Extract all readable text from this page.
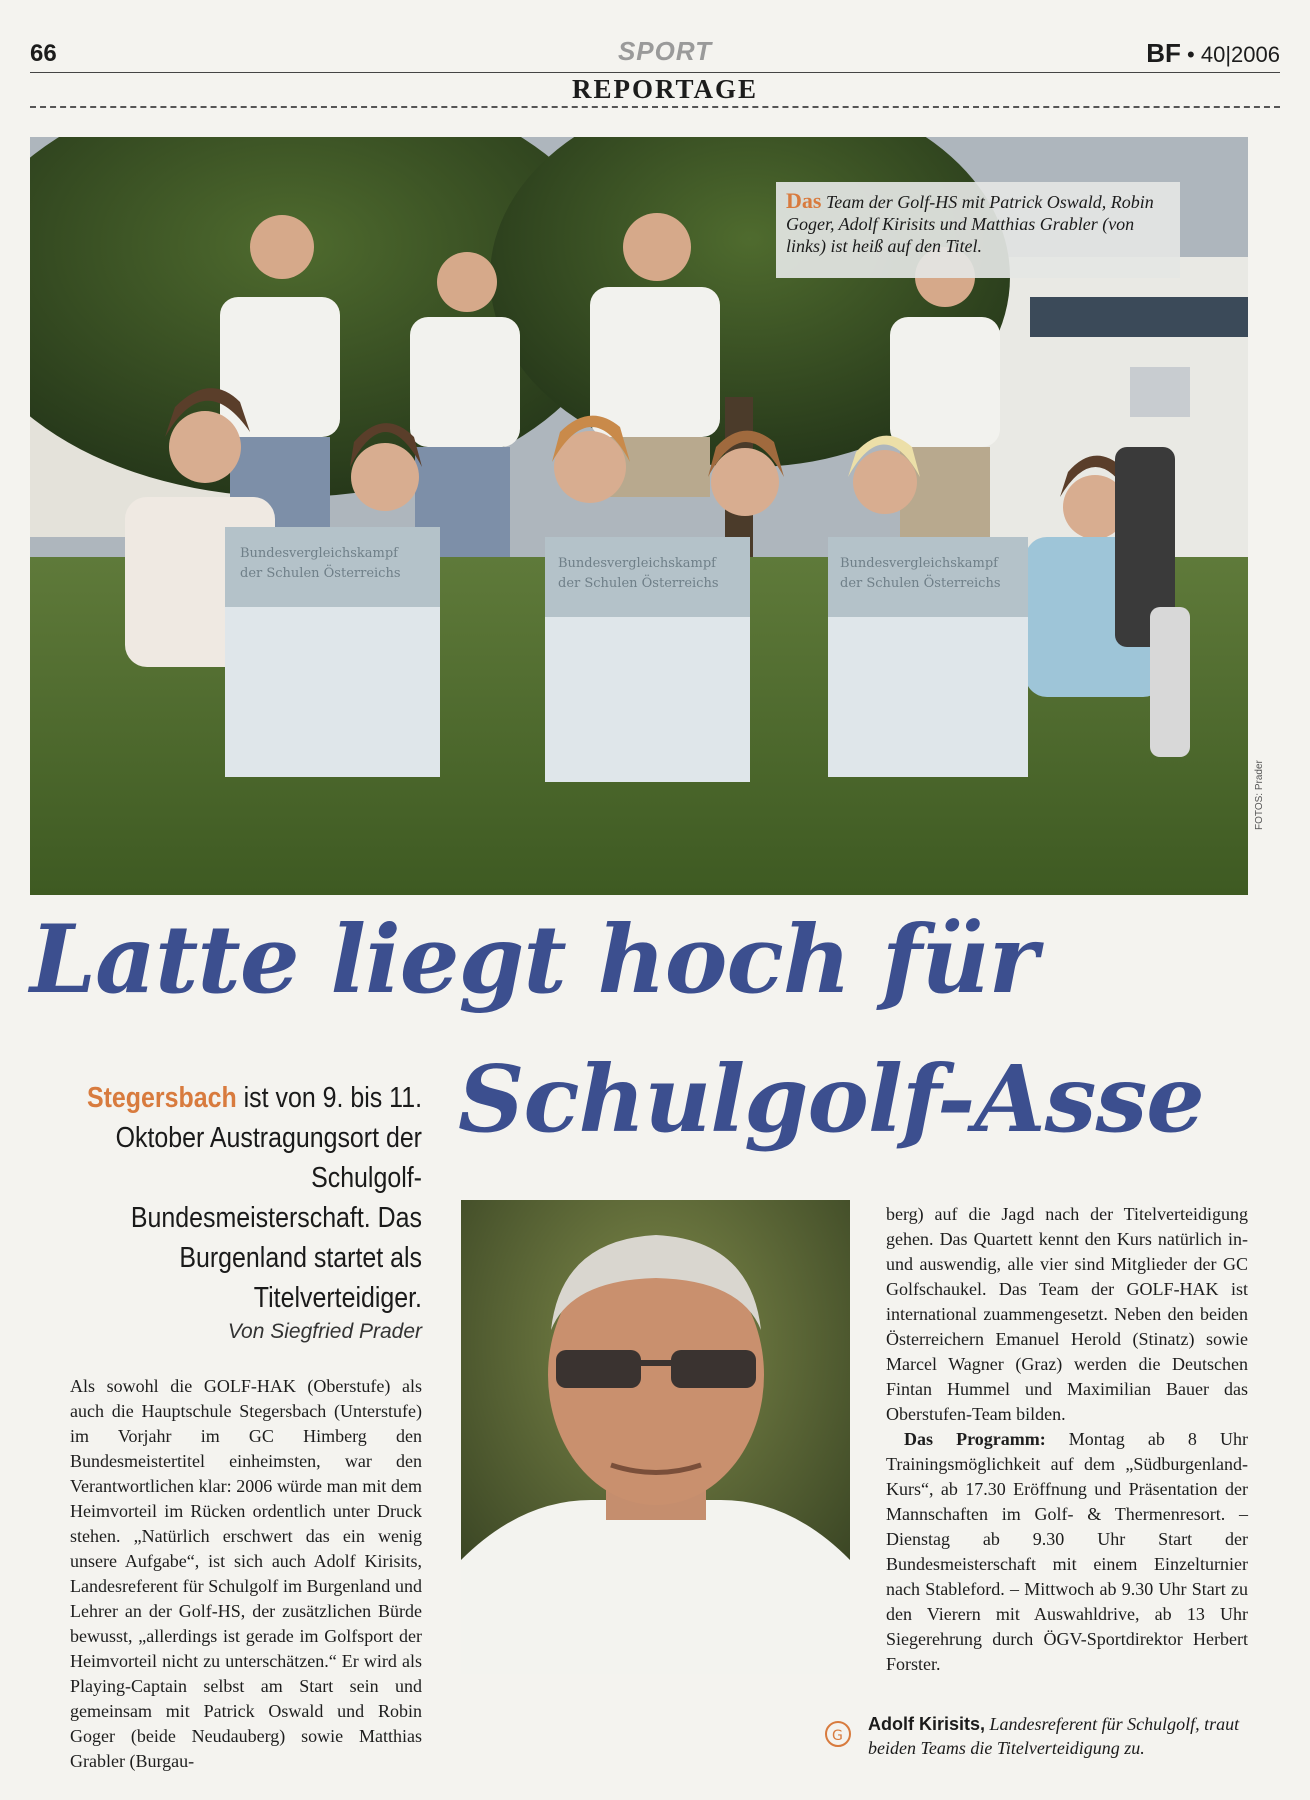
66	SPORT	BF • 40|2006
REPORTAGE
Bundesvergleichskampf
der Schulen Österreichs
Bundesvergleichskampf
der Schulen Österreichs
Bundesvergleichskampf
der Schulen Österreichs
Das Team der Golf-HS mit Patrick Oswald, Robin Goger, Adolf Kirisits und Matthias Grabler (von links) ist heiß auf den Titel.
FOTOS: Prader
Latte liegt hoch für
Schulgolf-Asse
Stegersbach ist von 9. bis 11. Oktober Austragungsort der Schulgolf-Bundesmeisterschaft. Das Burgenland startet als Titelverteidiger.
Von Siegfried Prader
Als sowohl die GOLF-HAK (Oberstufe) als auch die Hauptschule Stegersbach (Unterstufe) im Vorjahr im GC Himberg den Bundesmeistertitel einheimsten, war den Verantwortlichen klar: 2006 würde man mit dem Heimvorteil im Rücken ordentlich unter Druck stehen. „Natürlich erschwert das ein wenig unsere Aufgabe“, ist sich auch Adolf Kirisits, Landesreferent für Schulgolf im Burgenland und Lehrer an der Golf-HS, der zusätzlichen Bürde bewusst, „allerdings ist gerade im Golfsport der Heimvorteil nicht zu unterschätzen.“ Er wird als Playing-Captain selbst am Start sein und gemeinsam mit Patrick Oswald und Robin Goger (beide Neudauberg) sowie Matthias Grabler (Burgau-

berg) auf die Jagd nach der Titelverteidigung gehen. Das Quartett kennt den Kurs natürlich in- und auswendig, alle vier sind Mitglieder der GC Golfschaukel. Das Team der GOLF-HAK ist international zuammengesetzt. Neben den beiden Österreichern Emanuel Herold (Stinatz) sowie Marcel Wagner (Graz) werden die Deutschen Fintan Hummel und Maximilian Bauer das Oberstufen-Team bilden.

 Das Programm: Montag ab 8 Uhr Trainingsmöglichkeit auf dem „Südburgenland-Kurs“, ab 17.30 Eröffnung und Präsentation der Mannschaften im Golf- & Thermenresort. – Dienstag ab 9.30 Uhr Start der Bundesmeisterschaft mit einem Einzelturnier nach Stableford. – Mittwoch ab 9.30 Uhr Start zu den Vierern mit Auswahldrive, ab 13 Uhr Siegerehrung durch ÖGV-Sportdirektor Herbert Forster.

G
Adolf Kirisits, Landesreferent für Schulgolf, traut beiden Teams die Titelverteidigung zu.
